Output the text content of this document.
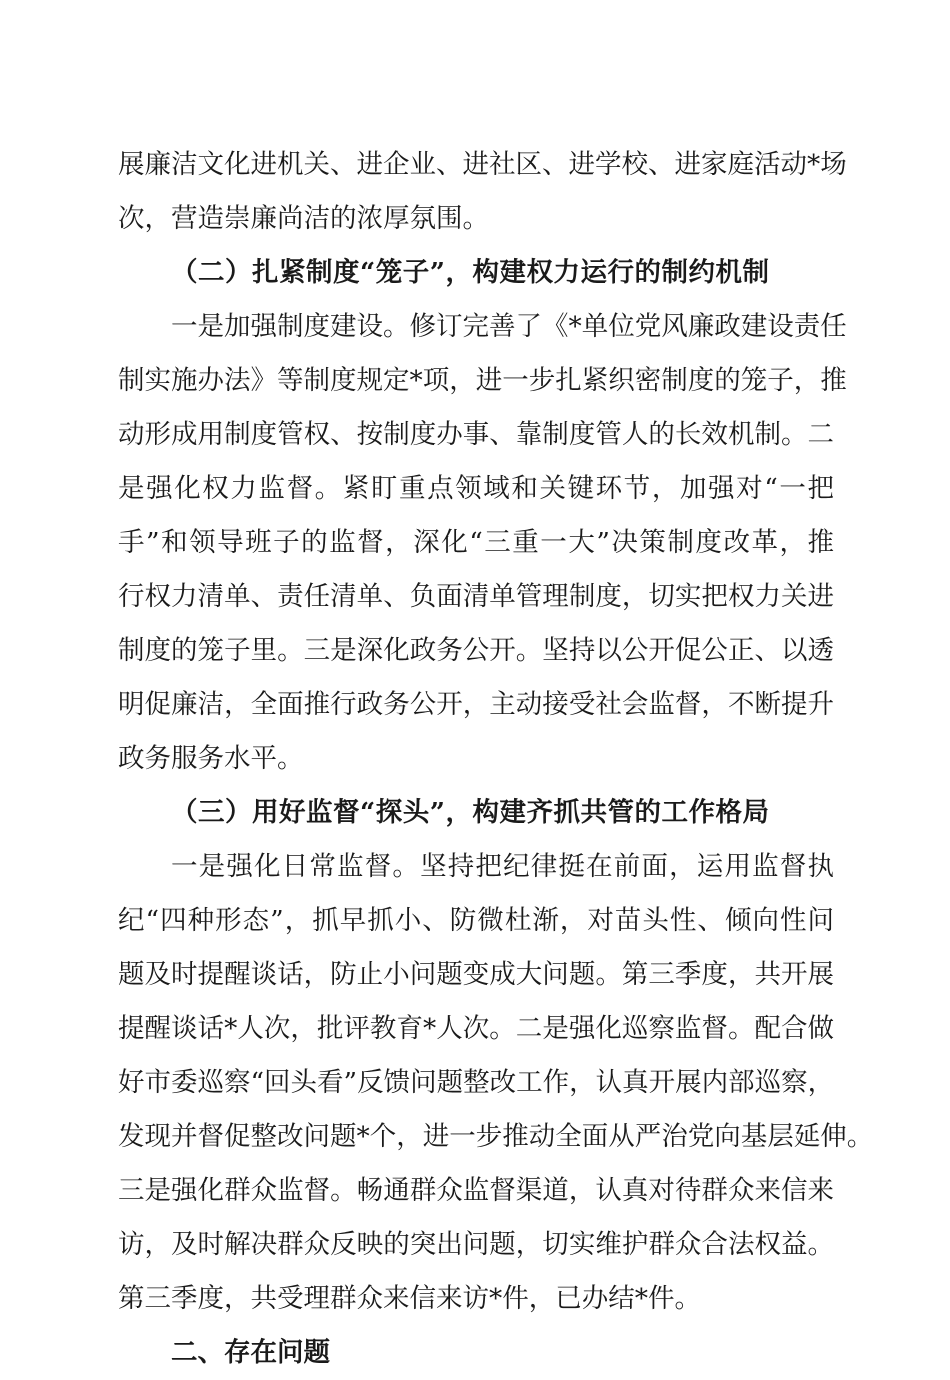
展廉洁文化进机关、进企业、进社区、进学校、进家庭活动*场
次，营造崇廉尚洁的浓厚氛围。
（二）扎紧制度“笼子”，构建权力运行的制约机制
一是加强制度建设。修订完善了《*单位党风廉政建设责任
制实施办法》等制度规定*项，进一步扎紧织密制度的笼子，推
动形成用制度管权、按制度办事、靠制度管人的长效机制。二
是强化权力监督。紧盯重点领域和关键环节，加强对“一把
手”和领导班子的监督，深化“三重一大”决策制度改革，推
行权力清单、责任清单、负面清单管理制度，切实把权力关进
制度的笼子里。三是深化政务公开。坚持以公开促公正、以透
明促廉洁，全面推行政务公开，主动接受社会监督，不断提升
政务服务水平。
（三）用好监督“探头”，构建齐抓共管的工作格局
一是强化日常监督。坚持把纪律挺在前面，运用监督执
纪“四种形态”，抓早抓小、防微杜渐，对苗头性、倾向性问
题及时提醒谈话，防止小问题变成大问题。第三季度，共开展
提醒谈话*人次，批评教育*人次。二是强化巡察监督。配合做
好市委巡察“回头看”反馈问题整改工作，认真开展内部巡察，
发现并督促整改问题*个，进一步推动全面从严治党向基层延伸。
三是强化群众监督。畅通群众监督渠道，认真对待群众来信来
访，及时解决群众反映的突出问题，切实维护群众合法权益。
第三季度，共受理群众来信来访*件，已办结*件。
二、存在问题
